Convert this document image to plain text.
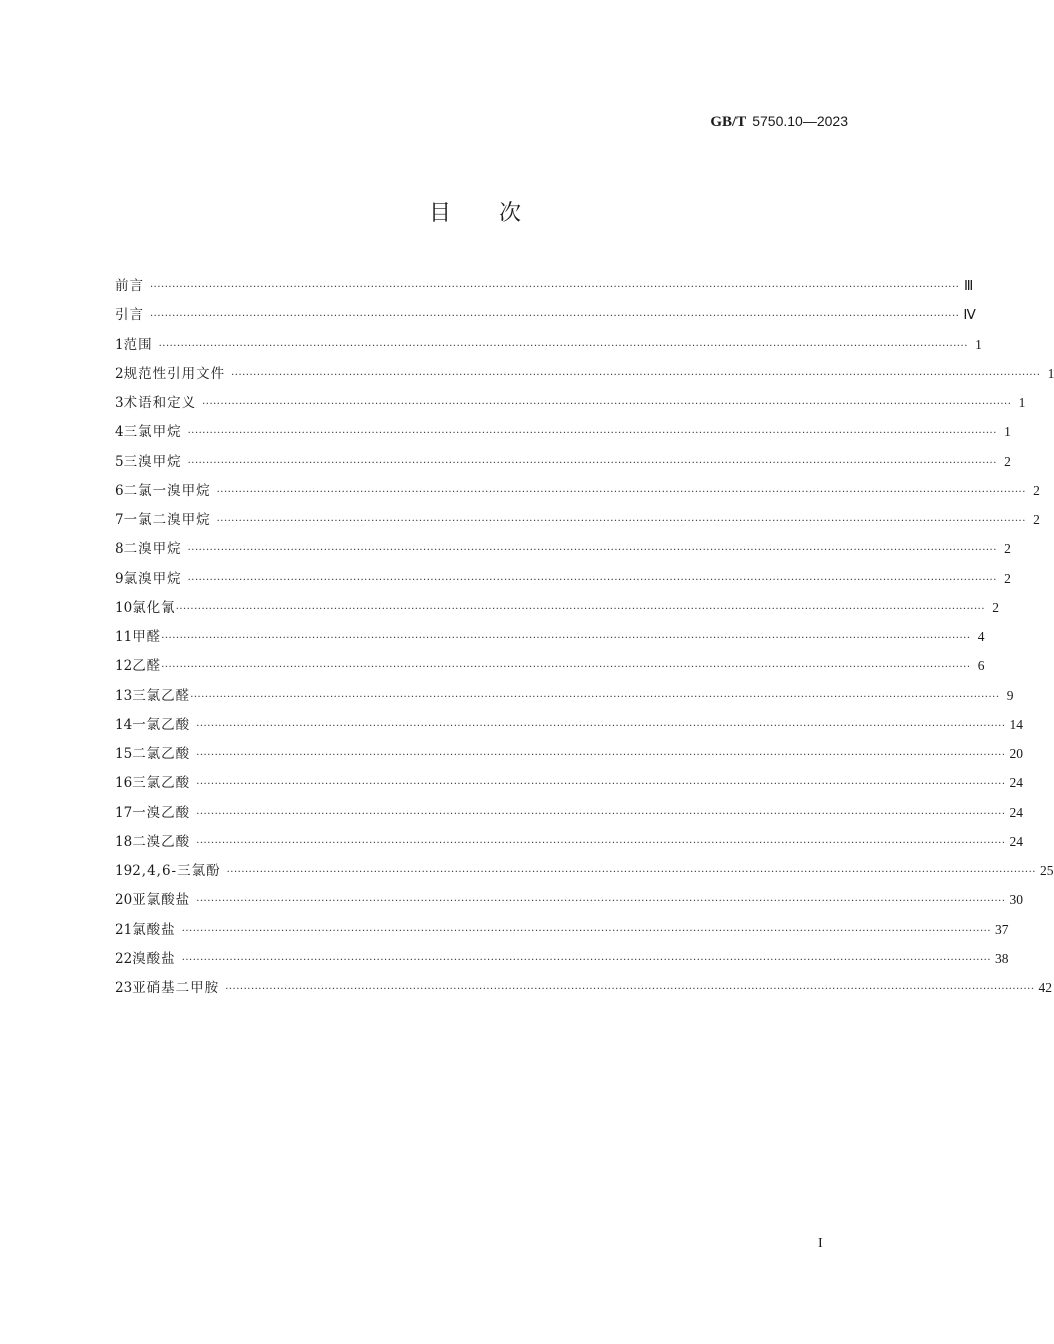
GB/T 5750.10—2023
目次
前言 ···························································································································································································································· Ⅲ
引言 ···························································································································································································································· Ⅳ
1 范围 ···························································································································································································································· 1
2 规范性引用文件 ···························································································································································································································· 1
3 术语和定义 ···························································································································································································································· 1
4 三氯甲烷 ···························································································································································································································· 1
5 三溴甲烷 ···························································································································································································································· 2
6 二氯一溴甲烷 ···························································································································································································································· 2
7 一氯二溴甲烷 ···························································································································································································································· 2
8 二溴甲烷 ···························································································································································································································· 2
9 氯溴甲烷 ···························································································································································································································· 2
10 氯化氰 ···························································································································································································································· 2
11 甲醛 ···························································································································································································································· 4
12 乙醛 ···························································································································································································································· 6
13 三氯乙醛 ···························································································································································································································· 9
14 一氯乙酸 ···························································································································································································································· 14
15 二氯乙酸 ···························································································································································································································· 20
16 三氯乙酸 ···························································································································································································································· 24
17 一溴乙酸 ···························································································································································································································· 24
18 二溴乙酸 ···························································································································································································································· 24
19 2,4,6-三氯酚 ···························································································································································································································· 25
20 亚氯酸盐 ···························································································································································································································· 30
21 氯酸盐 ···························································································································································································································· 37
22 溴酸盐 ···························································································································································································································· 38
23 亚硝基二甲胺 ···························································································································································································································· 42
I
